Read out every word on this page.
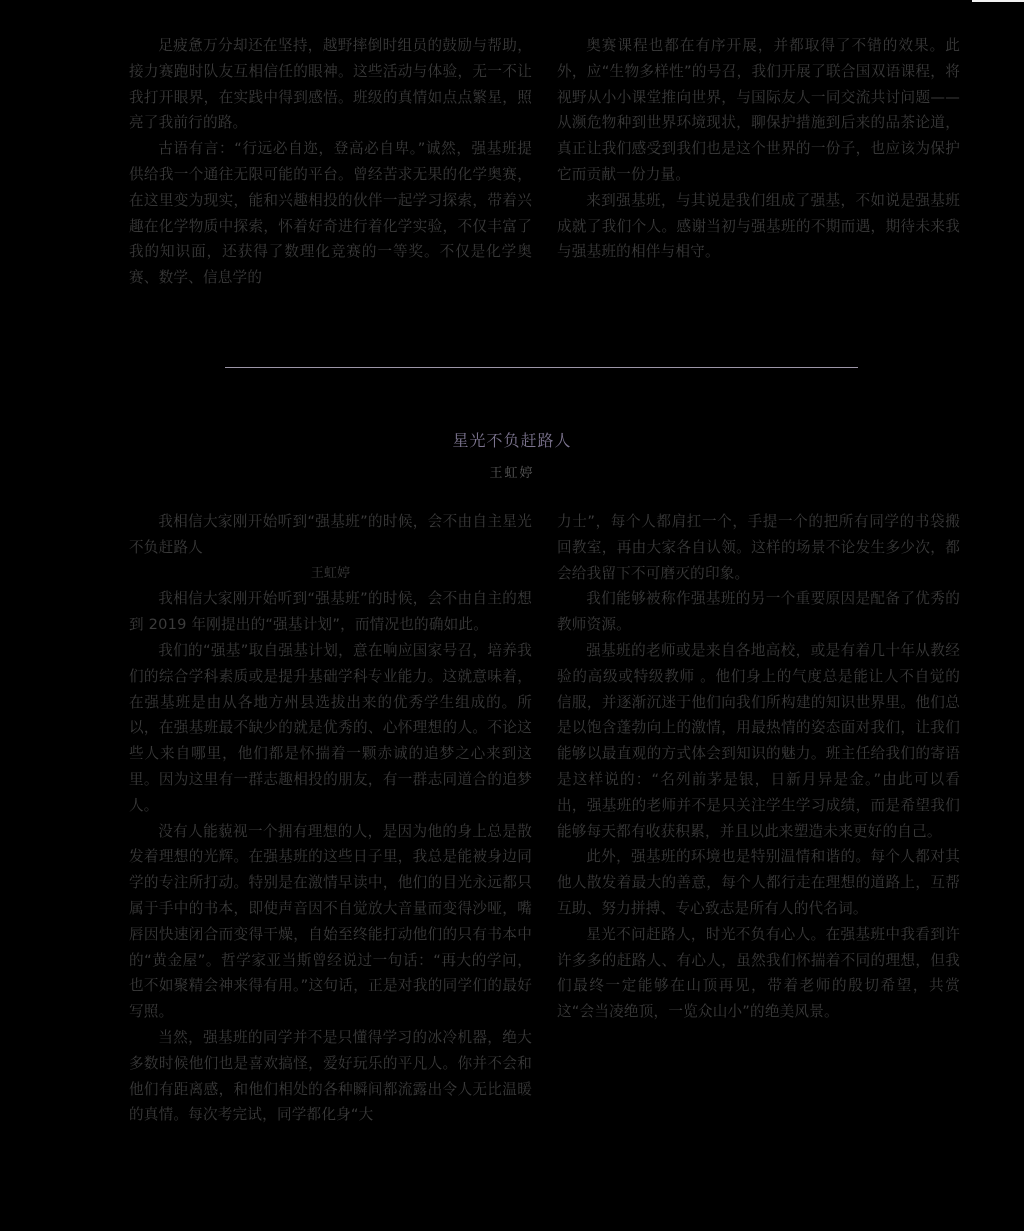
足疲惫万分却还在坚持，越野摔倒时组员的鼓励与帮助，接力赛跑时队友互相信任的眼神。这些活动与体验，无一不让我打开眼界，在实践中得到感悟。班级的真情如点点繁星，照亮了我前行的路。

古语有言：“行远必自迩，登高必自卑。”诚然，强基班提供给我一个通往无限可能的平台。曾经苦求无果的化学奥赛，在这里变为现实，能和兴趣相投的伙伴一起学习探索，带着兴趣在化学物质中探索，怀着好奇进行着化学实验，不仅丰富了我的知识面，还获得了数理化竞赛的一等奖。不仅是化学奥赛、数学、信息学的

奥赛课程也都在有序开展，并都取得了不错的效果。此外，应“生物多样性”的号召，我们开展了联合国双语课程，将视野从小小课堂推向世界，与国际友人一同交流共讨问题——从濒危物种到世界环境现状，聊保护措施到后来的品茶论道，真正让我们感受到我们也是这个世界的一份子，也应该为保护它而贡献一份力量。

来到强基班，与其说是我们组成了强基，不如说是强基班成就了我们个人。感谢当初与强基班的不期而遇，期待未来我与强基班的相伴与相守。

星光不负赶路人
王虹婷

我相信大家刚开始听到“强基班”的时候，会不由自主星光不负赶路人

王虹婷

我相信大家刚开始听到“强基班”的时候，会不由自主的想到 2019 年刚提出的“强基计划”，而情况也的确如此。

我们的“强基”取自强基计划，意在响应国家号召，培养我们的综合学科素质或是提升基础学科专业能力。这就意味着，在强基班是由从各地方州县选拔出来的优秀学生组成的。所以，在强基班最不缺少的就是优秀的、心怀理想的人。不论这些人来自哪里，他们都是怀揣着一颗赤诚的追梦之心来到这里。因为这里有一群志趣相投的朋友，有一群志同道合的追梦人。

没有人能藐视一个拥有理想的人，是因为他的身上总是散发着理想的光辉。在强基班的这些日子里，我总是能被身边同学的专注所打动。特别是在激情早读中，他们的目光永远都只属于手中的书本，即使声音因不自觉放大音量而变得沙哑，嘴唇因快速闭合而变得干燥，自始至终能打动他们的只有书本中的“黄金屋”。哲学家亚当斯曾经说过一句话：“再大的学问，也不如聚精会神来得有用。”这句话，正是对我的同学们的最好写照。

当然，强基班的同学并不是只懂得学习的冰冷机器，绝大多数时候他们也是喜欢搞怪，爱好玩乐的平凡人。你并不会和他们有距离感，和他们相处的各种瞬间都流露出令人无比温暖的真情。每次考完试，同学都化身“大

力士”，每个人都肩扛一个，手提一个的把所有同学的书袋搬回教室，再由大家各自认领。这样的场景不论发生多少次，都会给我留下不可磨灭的印象。

我们能够被称作强基班的另一个重要原因是配备了优秀的教师资源。

强基班的老师或是来自各地高校，或是有着几十年从教经验的高级或特级教师 。他们身上的气度总是能让人不自觉的信服，并逐渐沉迷于他们向我们所构建的知识世界里。他们总是以饱含蓬勃向上的激情，用最热情的姿态面对我们，让我们能够以最直观的方式体会到知识的魅力。班主任给我们的寄语是这样说的：“名列前茅是银，日新月异是金。”由此可以看出，强基班的老师并不是只关注学生学习成绩，而是希望我们能够每天都有收获积累，并且以此来塑造未来更好的自己。

此外，强基班的环境也是特别温情和谐的。每个人都对其他人散发着最大的善意，每个人都行走在理想的道路上，互帮互助、努力拼搏、专心致志是所有人的代名词。

星光不问赶路人，时光不负有心人。在强基班中我看到许许多多的赶路人、有心人，虽然我们怀揣着不同的理想，但我们最终一定能够在山顶再见，带着老师的殷切希望，共赏这“会当凌绝顶，一览众山小”的绝美风景。
